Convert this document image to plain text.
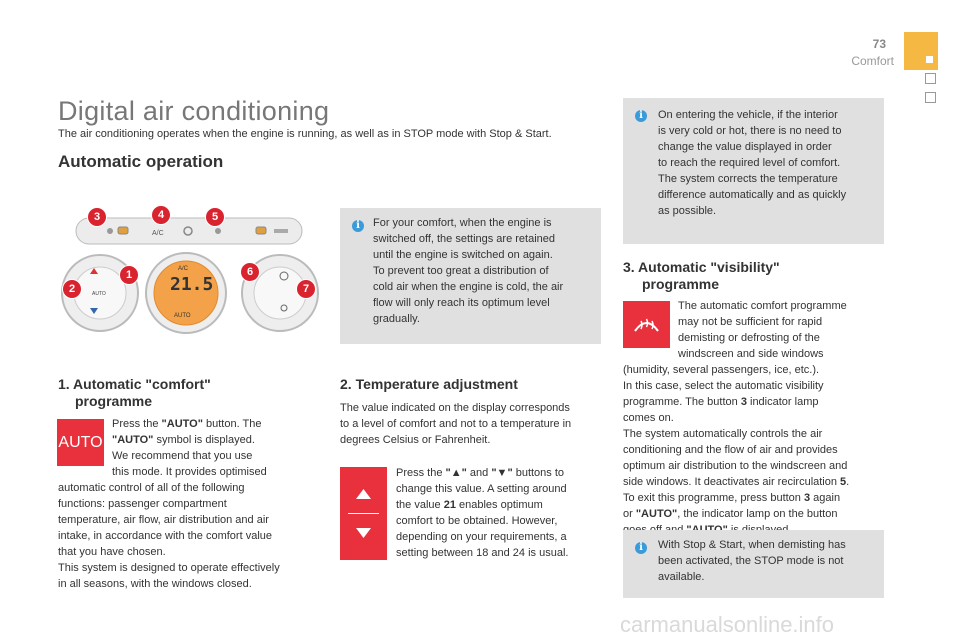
73
Comfort
Digital air conditioning
The air conditioning operates when the engine is running, as well as in STOP mode with Stop & Start.
Automatic operation
A/C
AUTO	21.5
A/C
AUTO
3	4	5
1
2
6
7
i	For your comfort, when the engine is
switched off, the settings are retained
until the engine is switched on again.
To prevent too great a distribution of
cold air when the engine is cold, the air
flow will only reach its optimum level
gradually.
i	On entering the vehicle, if the interior
is very cold or hot, there is no need to
change the value displayed in order
to reach the required level of comfort.
The system corrects the temperature
difference automatically and as quickly
as possible.
1. Automatic "comfort"
programme
AUTO
Press the "AUTO" button. The
"AUTO" symbol is displayed.
We recommend that you use
this mode. It provides optimised
automatic control of all of the following
functions: passenger compartment
temperature, air flow, air distribution and air
intake, in accordance with the comfort value
that you have chosen.
This system is designed to operate effectively
in all seasons, with the windows closed.
2. Temperature adjustment
The value indicated on the display corresponds
to a level of comfort and not to a temperature in
degrees Celsius or Fahrenheit.
Press the "▲" and "▼" buttons to
change this value. A setting around
the value 21 enables optimum
comfort to be obtained. However,
depending on your requirements, a
setting between 18 and 24 is usual.
3. Automatic "visibility"
programme
The automatic comfort programme
may not be sufficient for rapid
demisting or defrosting of the
windscreen and side windows
(humidity, several passengers, ice, etc.).
In this case, select the automatic visibility
programme. The button 3 indicator lamp
comes on.
The system automatically controls the air
conditioning and the flow of air and provides
optimum air distribution to the windscreen and
side windows. It deactivates air recirculation 5.
To exit this programme, press button 3 again
or "AUTO", the indicator lamp on the button
i	With Stop & Start, when demisting has
been activated, the STOP mode is not
available.
carmanualsonline.info
